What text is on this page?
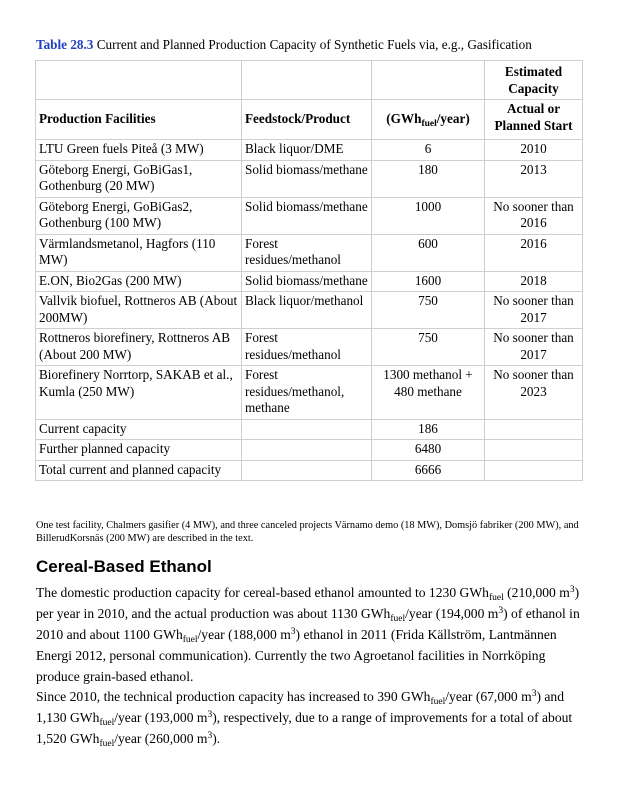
Table 28.3 Current and Planned Production Capacity of Synthetic Fuels via, e.g., Gasification
			Estimated Capacity
Production Facilities	Feedstock/Product	(GWh$_{fuel}$/year)	Actual or Planned Start
LTU Green fuels Piteå (3 MW)	Black liquor/DME	6	2010
Göteborg Energi, GoBiGas1, Gothenburg (20 MW)	Solid biomass/methane	180	2013
Göteborg Energi, GoBiGas2, Gothenburg (100 MW)	Solid biomass/methane	1000	No sooner than 2016
Värmlandsmetanol, Hagfors (110 MW)	Forest residues/methanol	600	2016
E.ON, Bio2Gas (200 MW)	Solid biomass/methane	1600	2018
Vallvik biofuel, Rottneros AB (About 200MW)	Black liquor/methanol	750	No sooner than 2017
Rottneros biorefinery, Rottneros AB (About 200 MW)	Forest residues/methanol	750	No sooner than 2017
Biorefinery Norrtorp, SAKAB et al., Kumla (250 MW)	Forest residues/methanol, methane	1300 methanol + 480 methane	No sooner than 2023
Current capacity		186	
Further planned capacity		6480	
Total current and planned capacity		6666	
One test facility, Chalmers gasifier (4 MW), and three canceled projects Värnamo demo (18 MW), Domsjö fabriker (200 MW), and BillerudKorsnäs (200 MW) are described in the text.
Cereal-Based Ethanol

The domestic production capacity for cereal-based ethanol amounted to 1230 GWh$_{fuel}$ (210,000 $m^3$) per year in 2010, and the actual production was about 1130 GWh$_{fuel}$/year (194,000 $m^3$) of ethanol in 2010 and about 1100 GWh$_{fuel}$/year (188,000 $m^3$) ethanol in 2011 (Frida Källström, Lantmännen Energi 2012, personal communication). Currently the two Agroetanol facilities in Norrköping produce grain-based ethanol.

Since 2010, the technical production capacity has increased to 390 GWh$_{fuel}$/year (67,000 $m^3$) and 1,130 GWh$_{fuel}$/year (193,000 $m^3$), respectively, due to a range of improvements for a total of about 1,520 GWh$_{fuel}$/year (260,000 $m^3$).
